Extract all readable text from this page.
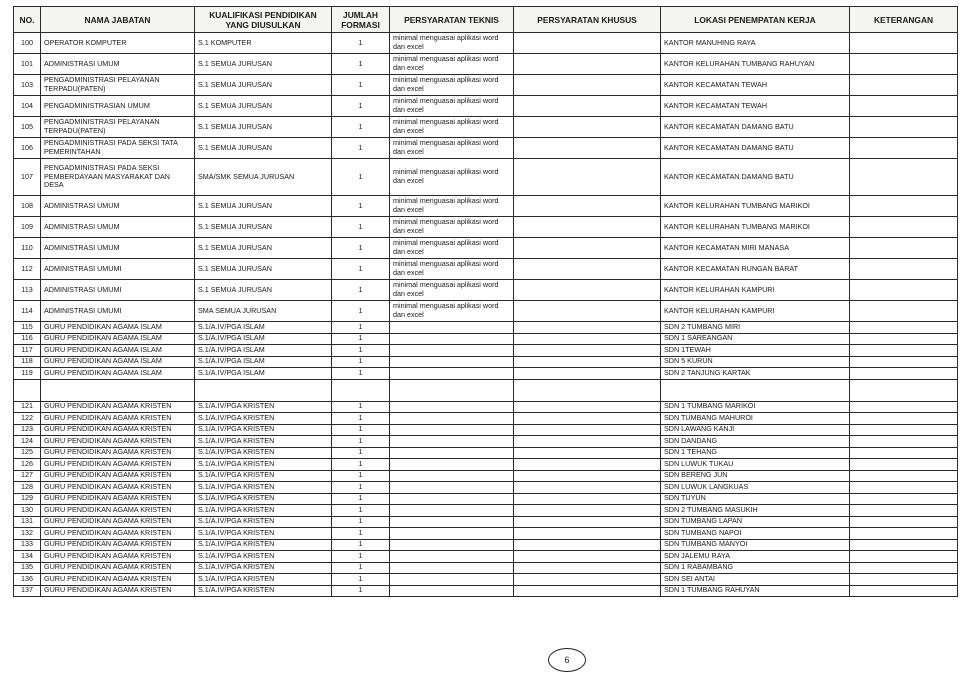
NO.	NAMA JABATAN	KUALIFIKASI PENDIDIKAN YANG DIUSULKAN	JUMLAH FORMASI	PERSYARATAN TEKNIS	PERSYARATAN KHUSUS	LOKASI PENEMPATAN KERJA	KETERANGAN
100	OPERATOR KOMPUTER	S.1 KOMPUTER	1	minimal menguasai aplikasi word dan excel		KANTOR MANUHING RAYA	
101	ADMINISTRASI UMUM	S.1 SEMUA JURUSAN	1	minimal menguasai aplikasi word dan excel		KANTOR KELURAHAN TUMBANG RAHUYAN	
103	PENGADMINISTRASI PELAYANAN TERPADU(PATEN)	S.1 SEMUA JURUSAN	1	minimal menguasai aplikasi word dan excel		KANTOR KECAMATAN TEWAH	
104	PENGADMINISTRASIAN UMUM	S.1 SEMUA JURUSAN	1	minimal menguasai aplikasi word dan excel		KANTOR KECAMATAN TEWAH	
105	PENGADMINISTRASI PELAYANAN TERPADU(PATEN)	S.1 SEMUA JURUSAN	1	minimal menguasai aplikasi word dan excel		KANTOR KECAMATAN DAMANG BATU	
106	PENGADMINISTRASI PADA SEKSI TATA PEMERINTAHAN	S.1 SEMUA JURUSAN	1	minimal menguasai aplikasi word dan excel		KANTOR KECAMATAN DAMANG BATU	
107	PENGADMINISTRASI PADA SEKSI PEMBERDAYAAN MASYARAKAT DAN DESA	SMA/SMK SEMUA JURUSAN	1	minimal menguasai aplikasi word dan excel		KANTOR KECAMATAN DAMANG BATU	
108	ADMINISTRASI UMUM	S.1 SEMUA JURUSAN	1	minimal menguasai aplikasi word dan excel		KANTOR KELURAHAN TUMBANG MARIKOI	
109	ADMINISTRASI UMUM	S.1 SEMUA JURUSAN	1	minimal menguasai aplikasi word dan excel		KANTOR KELURAHAN TUMBANG MARIKOI	
110	ADMINISTRASI UMUM	S.1 SEMUA JURUSAN	1	minimal menguasai aplikasi word dan excel		KANTOR KECAMATAN MIRI MANASA	
112	ADMINISTRASI UMUMI	S.1 SEMUA JURUSAN	1	minimal menguasai aplikasi word dan excel		KANTOR KECAMATAN RUNGAN BARAT	
113	ADMINISTRASI UMUMI	S.1 SEMUA JURUSAN	1	minimal menguasai aplikasi word dan excel		KANTOR KELURAHAN KAMPURI	
114	ADMINISTRASI UMUMI	SMA SEMUA JURUSAN	1	minimal menguasai aplikasi word dan excel		KANTOR KELURAHAN KAMPURI	
115	GURU PENDIDIKAN AGAMA ISLAM	S.1/A.IV/PGA ISLAM	1			SDN 2 TUMBANG MIRI	
116	GURU PENDIDIKAN AGAMA ISLAM	S.1/A.IV/PGA ISLAM	1			SDN 1 SAREANGAN	
117	GURU PENDIDIKAN AGAMA ISLAM	S.1/A.IV/PGA ISLAM	1			SDN 1TEWAH	
118	GURU PENDIDIKAN AGAMA ISLAM	S.1/A.IV/PGA ISLAM	1			SDN 5 KURUN	
119	GURU PENDIDIKAN AGAMA ISLAM	S.1/A.IV/PGA ISLAM	1			SDN 2 TANJUNG KARTAK	

121	GURU PENDIDIKAN AGAMA KRISTEN	S.1/A.IV/PGA KRISTEN	1			SDN 1 TUMBANG MARIKOI	
122	GURU PENDIDIKAN AGAMA KRISTEN	S.1/A.IV/PGA KRISTEN	1			SDN TUMBANG MAHUROI	
123	GURU PENDIDIKAN AGAMA KRISTEN	S.1/A.IV/PGA KRISTEN	1			SDN LAWANG KANJI	
124	GURU PENDIDIKAN AGAMA KRISTEN	S.1/A.IV/PGA KRISTEN	1			SDN DANDANG	
125	GURU PENDIDIKAN AGAMA KRISTEN	S.1/A.IV/PGA KRISTEN	1			SDN 1 TEHANG	
126	GURU PENDIDIKAN AGAMA KRISTEN	S.1/A.IV/PGA KRISTEN	1			SDN LUWUK TUKAU	
127	GURU PENDIDIKAN AGAMA KRISTEN	S.1/A.IV/PGA KRISTEN	1			SDN BERENG JUN	
128	GURU PENDIDIKAN AGAMA KRISTEN	S.1/A.IV/PGA KRISTEN	1			SDN LUWUK LANGKUAS	
129	GURU PENDIDIKAN AGAMA KRISTEN	S.1/A.IV/PGA KRISTEN	1			SDN TUYUN	
130	GURU PENDIDIKAN AGAMA KRISTEN	S.1/A.IV/PGA KRISTEN	1			SDN 2 TUMBANG MASUKIH	
131	GURU PENDIDIKAN AGAMA KRISTEN	S.1/A.IV/PGA KRISTEN	1			SDN TUMBANG LAPAN	
132	GURU PENDIDIKAN AGAMA KRISTEN	S.1/A.IV/PGA KRISTEN	1			SDN TUMBANG NAPOI	
133	GURU PENDIDIKAN AGAMA KRISTEN	S.1/A.IV/PGA KRISTEN	1			SDN TUMBANG MANYOI	
134	GURU PENDIDIKAN AGAMA KRISTEN	S.1/A.IV/PGA KRISTEN	1			SDN JALEMU RAYA	
135	GURU PENDIDIKAN AGAMA KRISTEN	S.1/A.IV/PGA KRISTEN	1			SDN 1 RABAMBANG	
136	GURU PENDIDIKAN AGAMA KRISTEN	S.1/A.IV/PGA KRISTEN	1			SDN SEI ANTAI	
137	GURU PENDIDIKAN AGAMA KRISTEN	S.1/A.IV/PGA KRISTEN	1			SDN 1 TUMBANG RAHUYAN	
6
